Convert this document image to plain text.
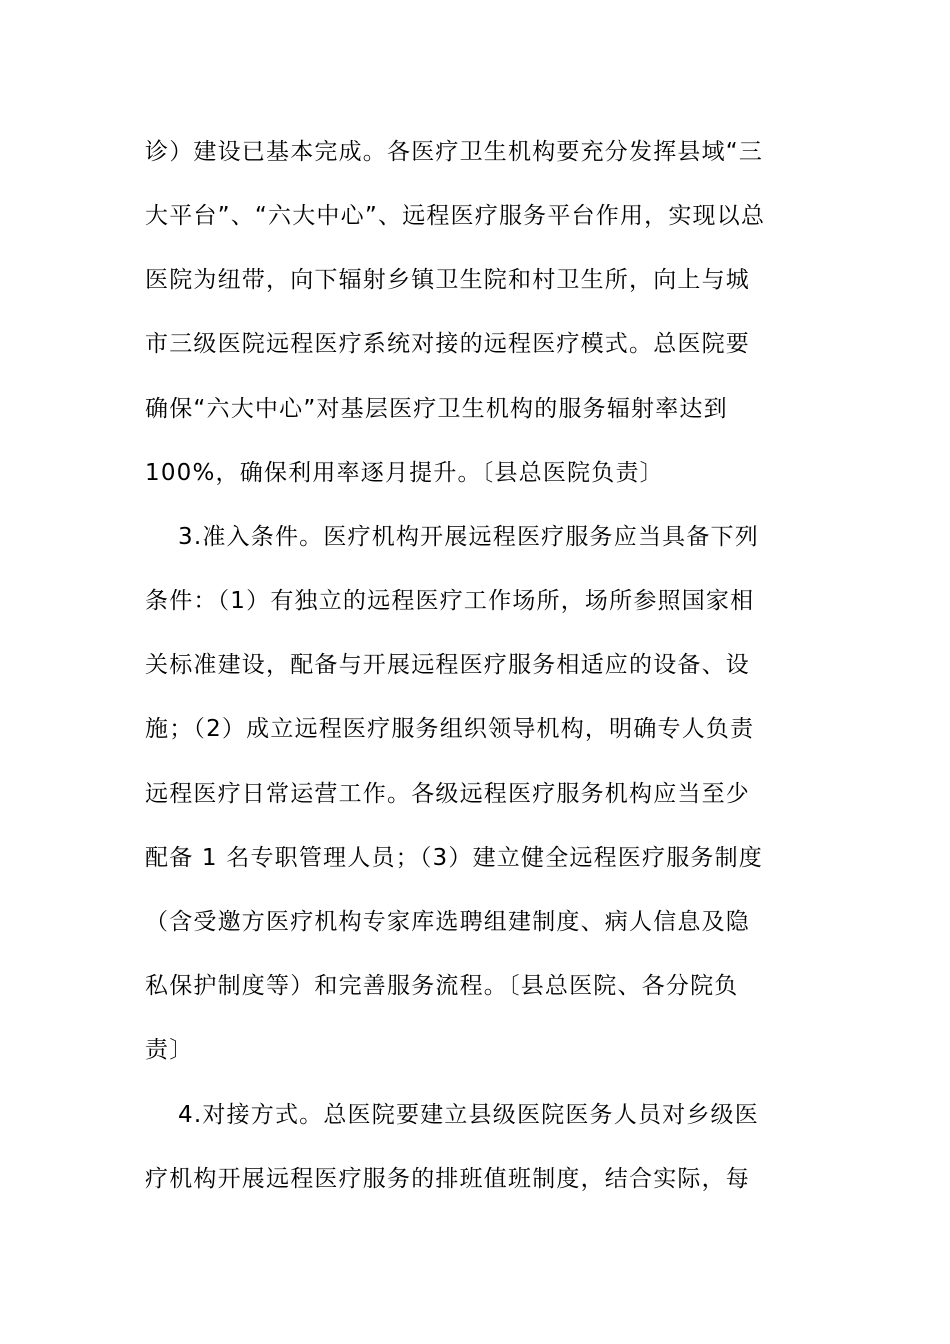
诊）建设已基本完成。各医疗卫生机构要充分发挥县域“三
大平台”、“六大中心”、远程医疗服务平台作用，实现以总
医院为纽带，向下辐射乡镇卫生院和村卫生所，向上与城
市三级医院远程医疗系统对接的远程医疗模式。总医院要
确保“六大中心”对基层医疗卫生机构的服务辐射率达到
100%，确保利用率逐月提升。〔县总医院负责〕
3.准入条件。医疗机构开展远程医疗服务应当具备下列
条件：（1）有独立的远程医疗工作场所，场所参照国家相
关标准建设，配备与开展远程医疗服务相适应的设备、设
施；（2）成立远程医疗服务组织领导机构，明确专人负责
远程医疗日常运营工作。各级远程医疗服务机构应当至少
配备 1 名专职管理人员；（3）建立健全远程医疗服务制度
（含受邀方医疗机构专家库选聘组建制度、病人信息及隐
私保护制度等）和完善服务流程。〔县总医院、各分院负
责〕
4.对接方式。总医院要建立县级医院医务人员对乡级医
疗机构开展远程医疗服务的排班值班制度，结合实际，每
